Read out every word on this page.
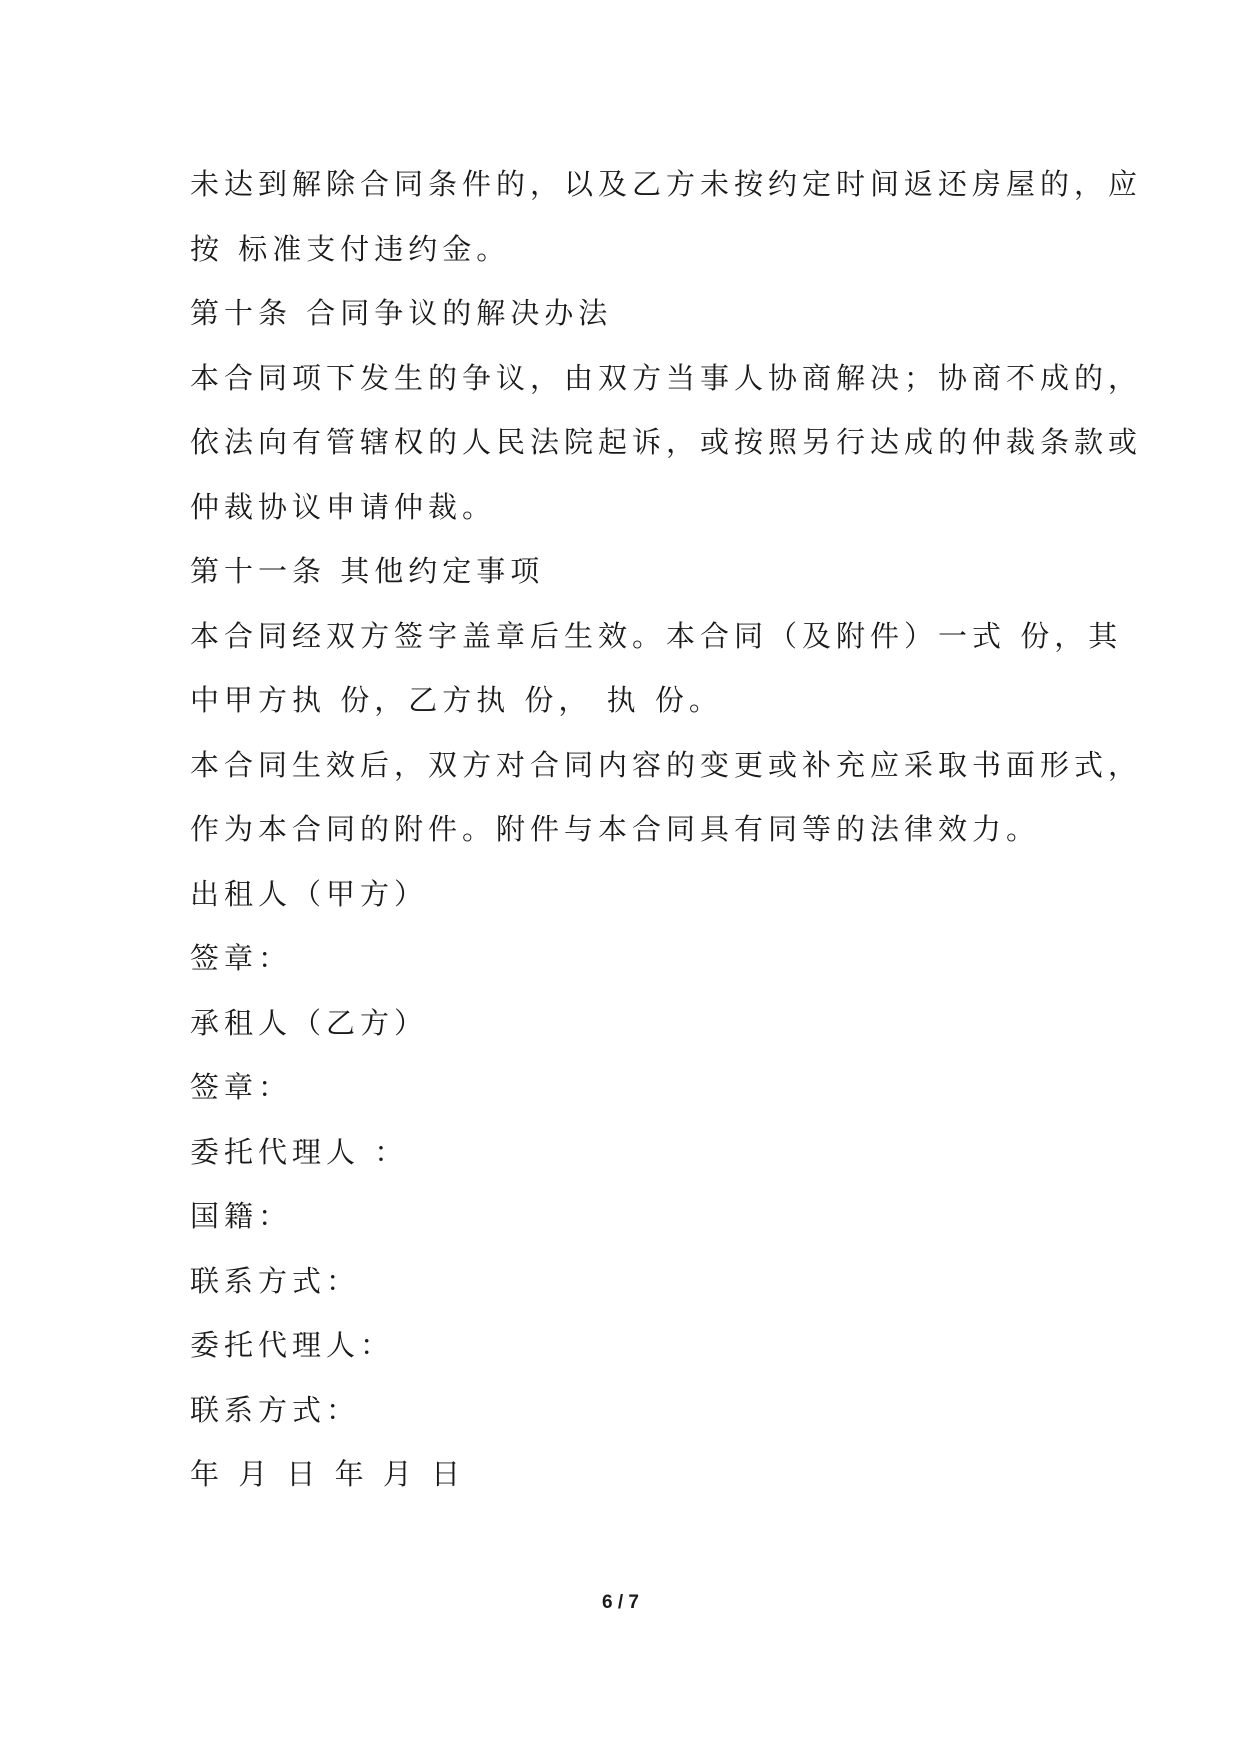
未达到解除合同条件的，以及乙方未按约定时间返还房屋的，应
按 标准支付违约金。
第十条 合同争议的解决办法
本合同项下发生的争议，由双方当事人协商解决；协商不成的，
依法向有管辖权的人民法院起诉，或按照另行达成的仲裁条款或
仲裁协议申请仲裁。
第十一条 其他约定事项
本合同经双方签字盖章后生效。本合同（及附件）一式 份，其
中甲方执 份，乙方执 份， 执 份。
本合同生效后，双方对合同内容的变更或补充应采取书面形式，
作为本合同的附件。附件与本合同具有同等的法律效力。
出租人（甲方）
签章：
承租人（乙方）
签章：
委托代理人 ：
国籍：
联系方式：
委托代理人：
联系方式：
年 月 日 年 月 日
6 / 7
